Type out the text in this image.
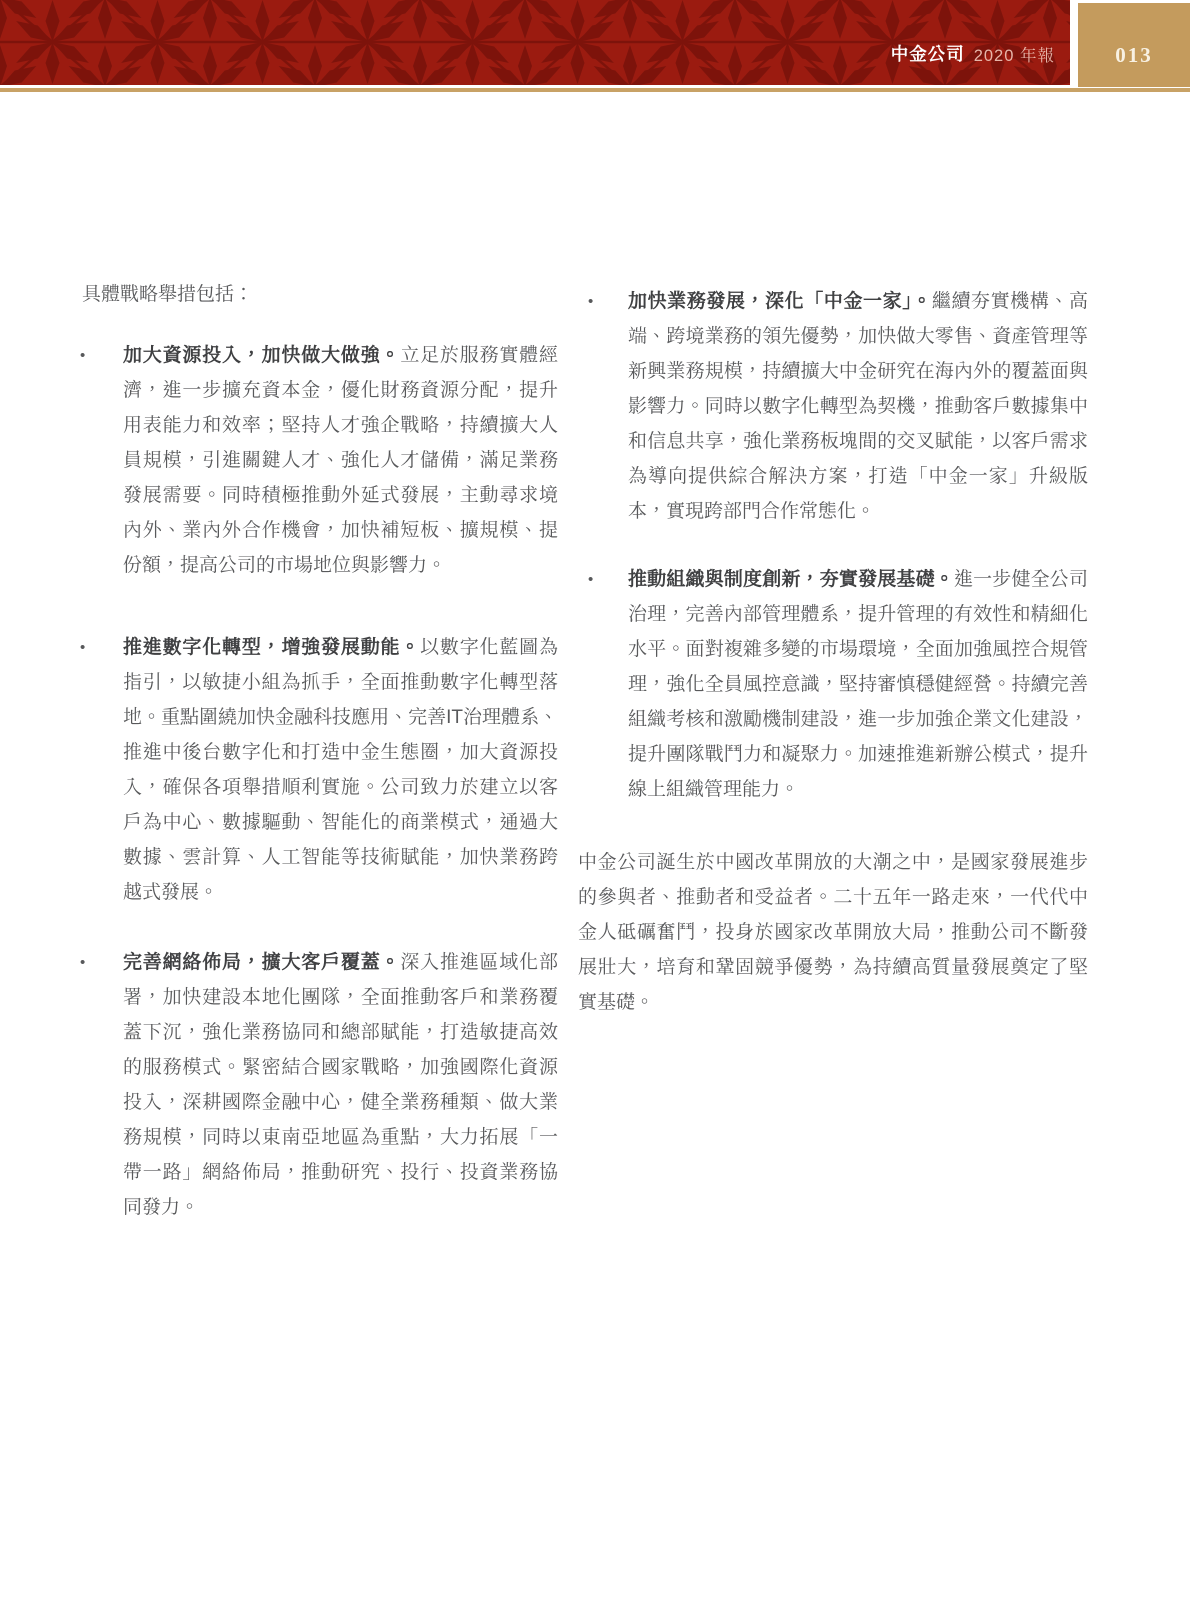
中金公司 2020 年報	013

具體戰略舉措包括：

• 加大資源投入，加快做大做強。立足於服務實體經濟，進一步擴充資本金，優化財務資源分配，提升用表能力和效率；堅持人才強企戰略，持續擴大人員規模，引進關鍵人才、強化人才儲備，滿足業務發展需要。同時積極推動外延式發展，主動尋求境內外、業內外合作機會，加快補短板、擴規模、提份額，提高公司的市場地位與影響力。

• 推進數字化轉型，增強發展動能。以數字化藍圖為指引，以敏捷小組為抓手，全面推動數字化轉型落地。重點圍繞加快金融科技應用、完善IT治理體系、推進中後台數字化和打造中金生態圈，加大資源投入，確保各項舉措順利實施。公司致力於建立以客戶為中心、數據驅動、智能化的商業模式，通過大數據、雲計算、人工智能等技術賦能，加快業務跨越式發展。

• 完善網絡佈局，擴大客戶覆蓋。深入推進區域化部署，加快建設本地化團隊，全面推動客戶和業務覆蓋下沉，強化業務協同和總部賦能，打造敏捷高效的服務模式。緊密結合國家戰略，加強國際化資源投入，深耕國際金融中心，健全業務種類、做大業務規模，同時以東南亞地區為重點，大力拓展「一帶一路」網絡佈局，推動研究、投行、投資業務協同發力。

• 加快業務發展，深化「中金一家」。繼續夯實機構、高端、跨境業務的領先優勢，加快做大零售、資產管理等新興業務規模，持續擴大中金研究在海內外的覆蓋面與影響力。同時以數字化轉型為契機，推動客戶數據集中和信息共享，強化業務板塊間的交叉賦能，以客戶需求為導向提供綜合解決方案，打造「中金一家」升級版本，實現跨部門合作常態化。

• 推動組織與制度創新，夯實發展基礎。進一步健全公司治理，完善內部管理體系，提升管理的有效性和精細化水平。面對複雜多變的市場環境，全面加強風控合規管理，強化全員風控意識，堅持審慎穩健經營。持續完善組織考核和激勵機制建設，進一步加強企業文化建設，提升團隊戰鬥力和凝聚力。加速推進新辦公模式，提升線上組織管理能力。

中金公司誕生於中國改革開放的大潮之中，是國家發展進步的參與者、推動者和受益者。二十五年一路走來，一代代中金人砥礪奮鬥，投身於國家改革開放大局，推動公司不斷發展壯大，培育和鞏固競爭優勢，為持續高質量發展奠定了堅實基礎。
